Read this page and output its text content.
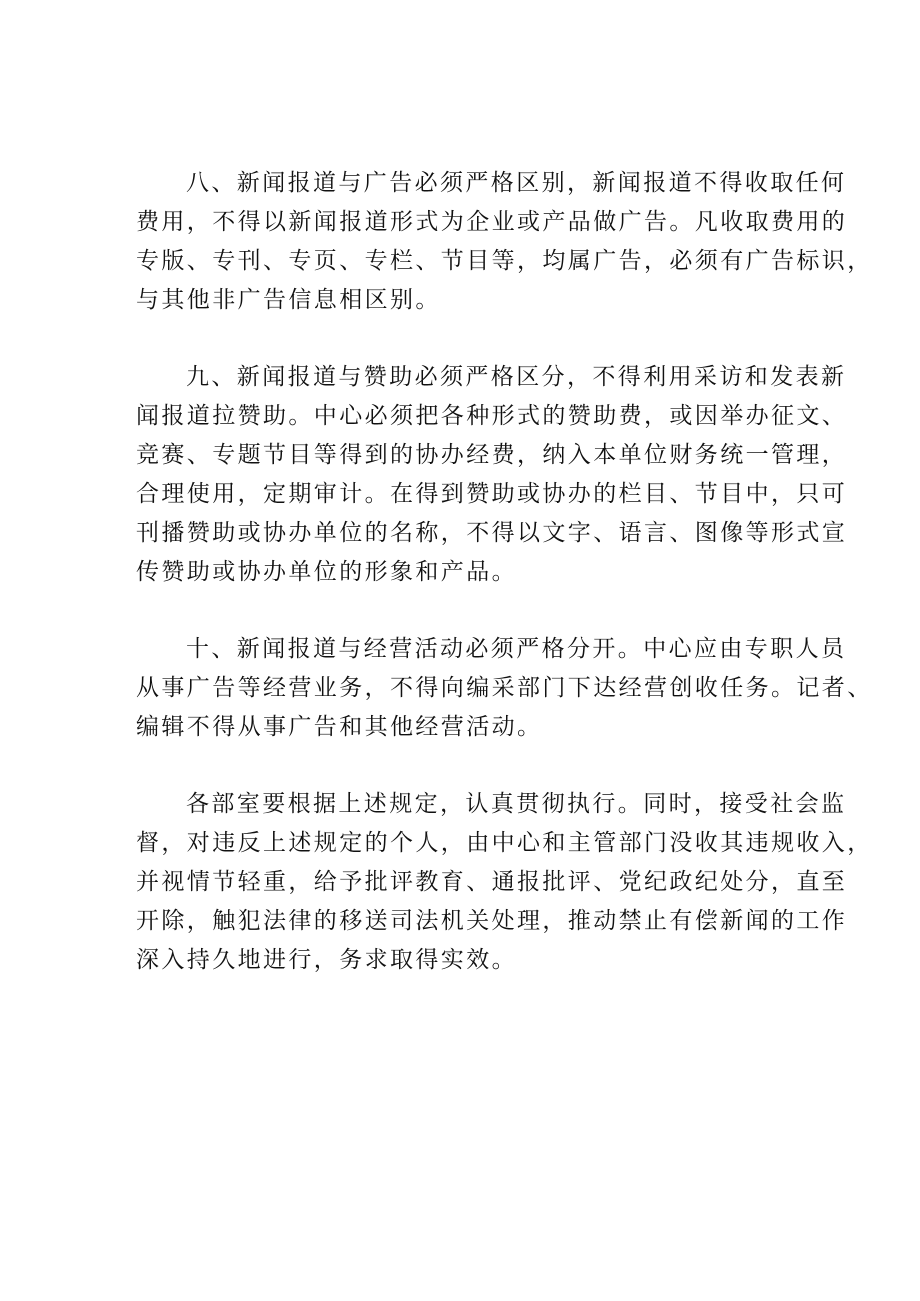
八、新闻报道与广告必须严格区别，新闻报道不得收取任何
费用，不得以新闻报道形式为企业或产品做广告。凡收取费用的
专版、专刊、专页、专栏、节目等，均属广告，必须有广告标识，
与其他非广告信息相区别。
九、新闻报道与赞助必须严格区分，不得利用采访和发表新
闻报道拉赞助。中心必须把各种形式的赞助费，或因举办征文、
竞赛、专题节目等得到的协办经费，纳入本单位财务统一管理，
合理使用，定期审计。在得到赞助或协办的栏目、节目中，只可
刊播赞助或协办单位的名称，不得以文字、语言、图像等形式宣
传赞助或协办单位的形象和产品。
十、新闻报道与经营活动必须严格分开。中心应由专职人员
从事广告等经营业务，不得向编采部门下达经营创收任务。记者、
编辑不得从事广告和其他经营活动。
各部室要根据上述规定，认真贯彻执行。同时，接受社会监
督，对违反上述规定的个人，由中心和主管部门没收其违规收入，
并视情节轻重，给予批评教育、通报批评、党纪政纪处分，直至
开除，触犯法律的移送司法机关处理，推动禁止有偿新闻的工作
深入持久地进行，务求取得实效。
